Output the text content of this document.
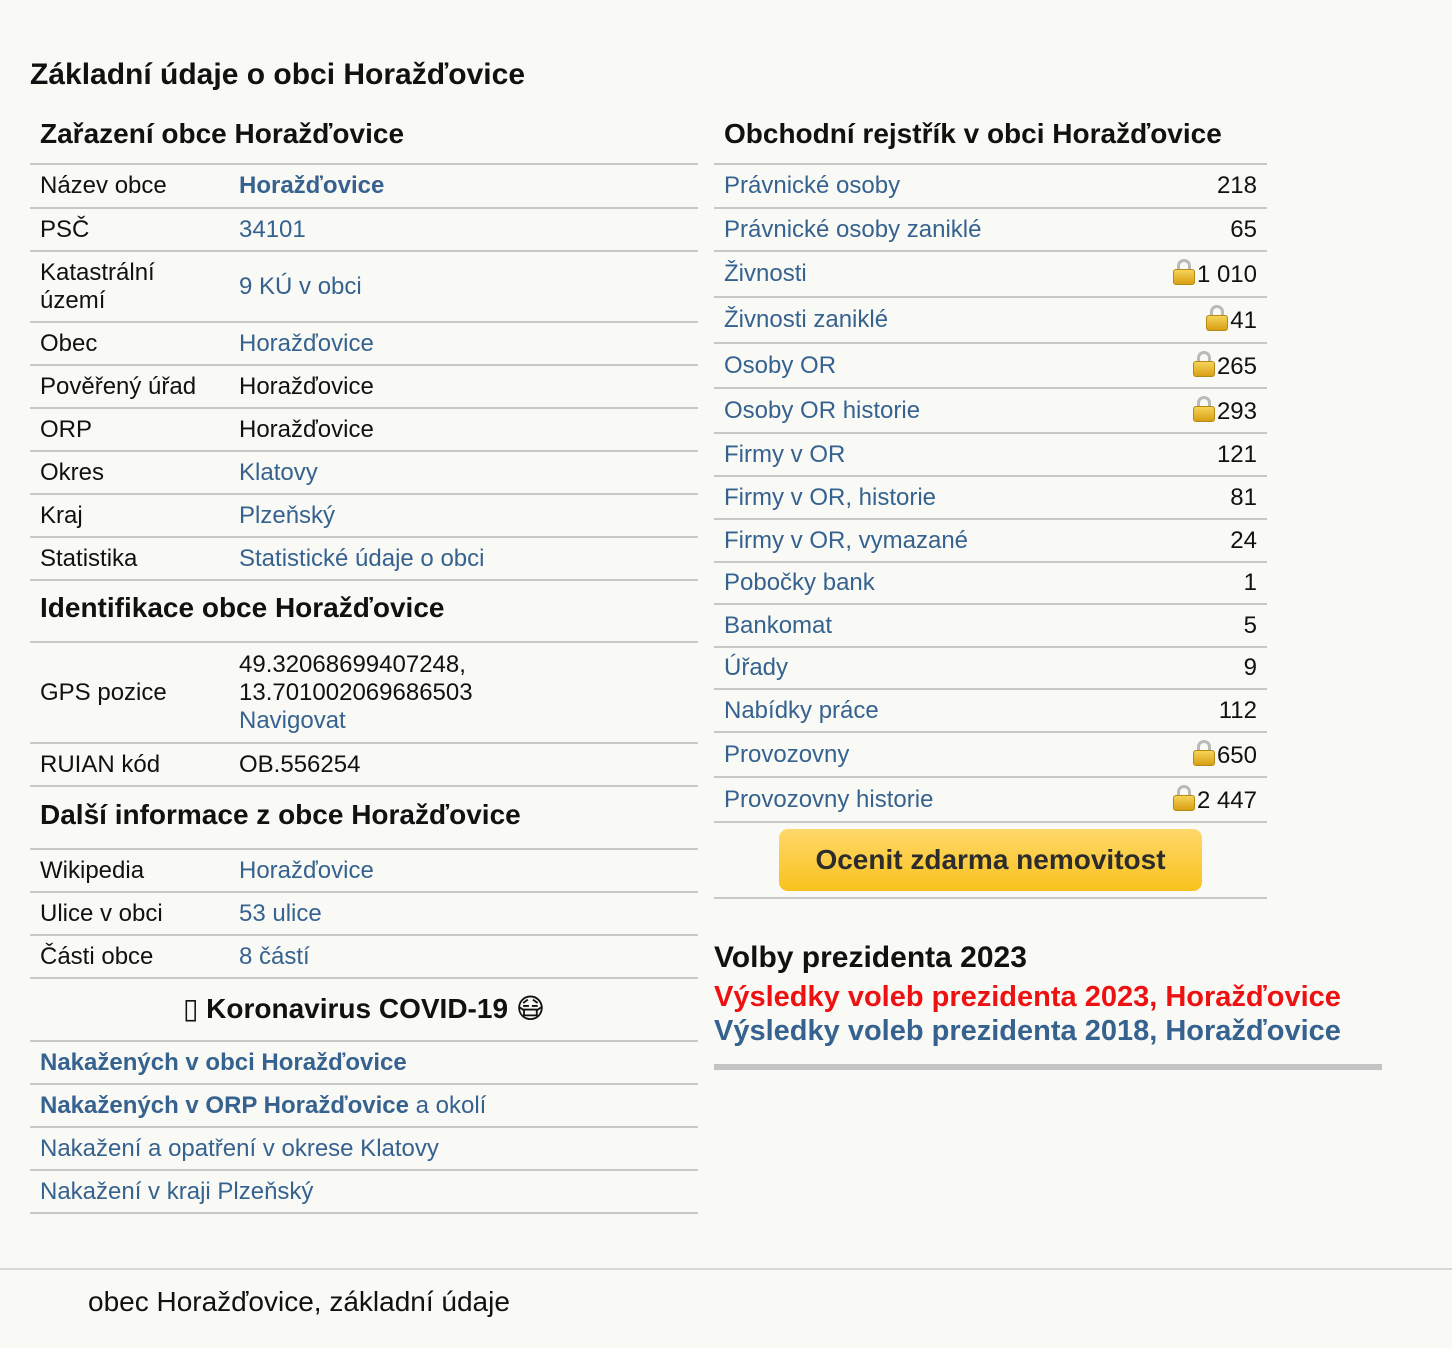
Základní údaje o obci Horažďovice
Zařazení obce Horažďovice
Název obce	Horažďovice
PSČ	34101
Katastrální území	9 KÚ v obci
Obec	Horažďovice
Pověřený úřad	Horažďovice
ORP	Horažďovice
Okres	Klatovy
Kraj	Plzeňský
Statistika	Statistické údaje o obci
Identifikace obce Horažďovice
GPS pozice	49.32068699407248,
13.701002069686503
Navigovat
RUIAN kód	OB.556254
Další informace z obce Horažďovice
Wikipedia	Horažďovice
Ulice v obci	53 ulice
Části obce	8 částí
▯ Koronavirus COVID-19 😷
Nakažených v obci Horažďovice
Nakažených v ORP Horažďovice a okolí
Nakažení a opatření v okrese Klatovy
Nakažení v kraji Plzeňský
Obchodní rejstřík v obci Horažďovice
Právnické osoby	218
Právnické osoby zaniklé	65
Živnosti	1 010
Živnosti zaniklé	41
Osoby OR	265
Osoby OR historie	293
Firmy v OR	121
Firmy v OR, historie	81
Firmy v OR, vymazané	24
Pobočky bank	1
Bankomat	5
Úřady	9
Nabídky práce	112
Provozovny	650
Provozovny historie	2 447
Ocenit zdarma nemovitost
Volby prezidenta 2023
Výsledky voleb prezidenta 2023, Horažďovice
Výsledky voleb prezidenta 2018, Horažďovice
obec Horažďovice, základní údaje
